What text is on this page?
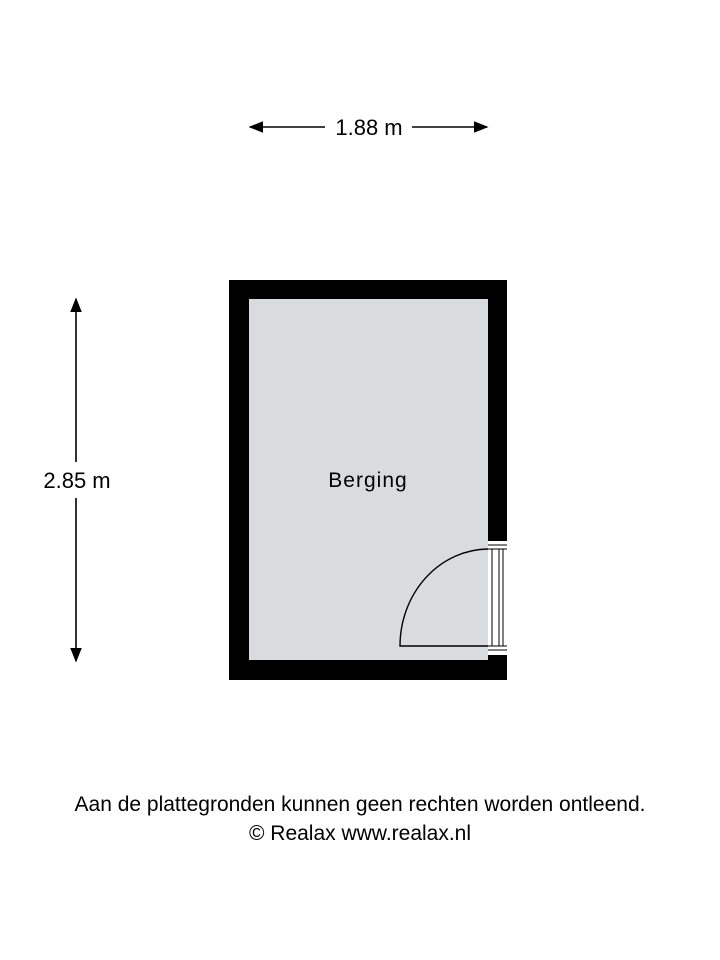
1.88 m
2.85 m	Berging
Aan de plattegronden kunnen geen rechten worden ontleend.
© Realax www.realax.nl
